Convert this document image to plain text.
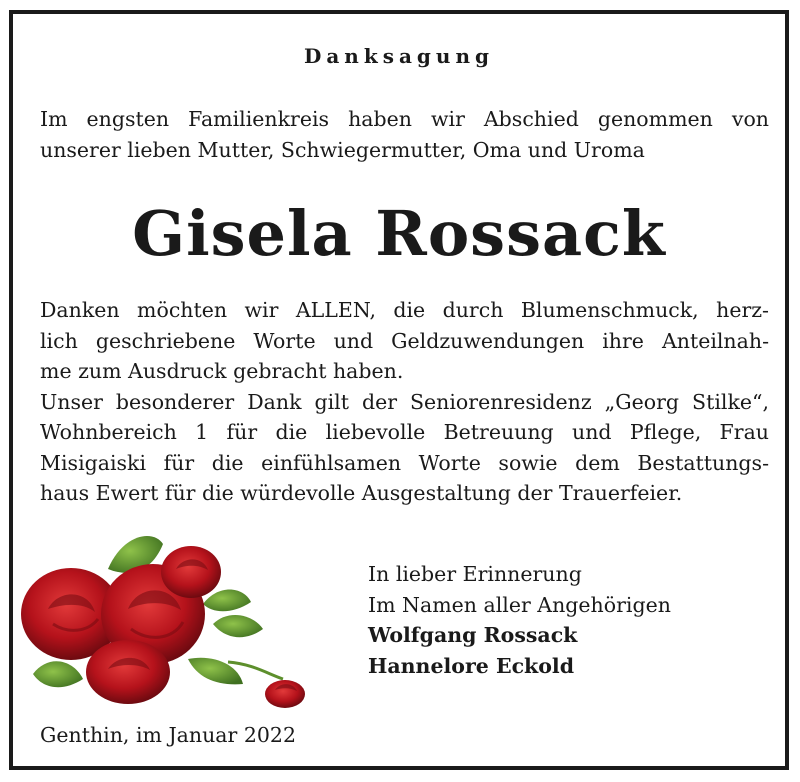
Danksagung
Im engsten Familienkreis haben wir Abschied genommen von
unserer lieben Mutter, Schwiegermutter, Oma und Uroma
Gisela Rossack
Danken möchten wir ALLEN, die durch Blumenschmuck, herz-
lich geschriebene Worte und Geldzuwendungen ihre Anteilnah-
me zum Ausdruck gebracht haben.
Unser besonderer Dank gilt der Seniorenresidenz „Georg Stilke“,
Wohnbereich 1 für die liebevolle Betreuung und Pflege, Frau
Misigaiski für die einfühlsamen Worte sowie dem Bestattungs-
haus Ewert für die würdevolle Ausgestaltung der Trauerfeier.
In lieber Erinnerung
Im Namen aller Angehörigen
Wolfgang Rossack
Hannelore Eckold
Genthin, im Januar 2022
